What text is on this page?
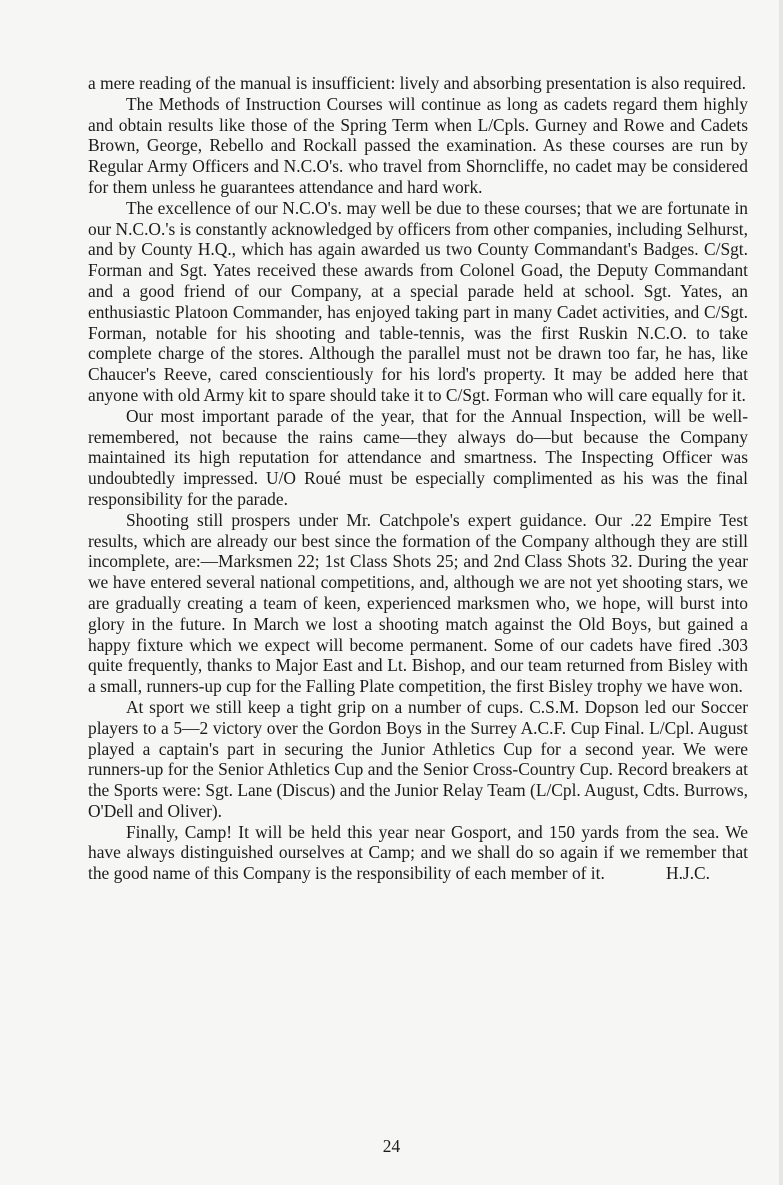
a mere reading of the manual is insufficient: lively and absorbing presentation is also required.

The Methods of Instruction Courses will continue as long as cadets regard them highly and obtain results like those of the Spring Term when L/Cpls. Gurney and Rowe and Cadets Brown, George, Rebello and Rockall passed the examination. As these courses are run by Regular Army Officers and N.C.O's. who travel from Shorncliffe, no cadet may be considered for them unless he guarantees attendance and hard work.

The excellence of our N.C.O's. may well be due to these courses; that we are fortunate in our N.C.O.'s is constantly acknowledged by officers from other companies, including Selhurst, and by County H.Q., which has again awarded us two County Commandant's Badges. C/Sgt. Forman and Sgt. Yates received these awards from Colonel Goad, the Deputy Commandant and a good friend of our Company, at a special parade held at school. Sgt. Yates, an enthusiastic Platoon Commander, has enjoyed taking part in many Cadet activities, and C/Sgt. Forman, notable for his shooting and table-tennis, was the first Ruskin N.C.O. to take complete charge of the stores. Although the parallel must not be drawn too far, he has, like Chaucer's Reeve, cared conscientiously for his lord's property. It may be added here that anyone with old Army kit to spare should take it to C/Sgt. Forman who will care equally for it.

Our most important parade of the year, that for the Annual Inspection, will be well-remembered, not because the rains came—they always do—but because the Company maintained its high reputation for attendance and smartness. The Inspecting Officer was undoubtedly impressed. U/O Roué must be especially complimented as his was the final responsibility for the parade.

Shooting still prospers under Mr. Catchpole's expert guidance. Our .22 Empire Test results, which are already our best since the formation of the Company although they are still incomplete, are:—Marksmen 22; 1st Class Shots 25; and 2nd Class Shots 32. During the year we have entered several national competitions, and, although we are not yet shooting stars, we are gradually creating a team of keen, experienced marksmen who, we hope, will burst into glory in the future. In March we lost a shooting match against the Old Boys, but gained a happy fixture which we expect will become permanent. Some of our cadets have fired .303 quite frequently, thanks to Major East and Lt. Bishop, and our team returned from Bisley with a small, runners-up cup for the Falling Plate competition, the first Bisley trophy we have won.

At sport we still keep a tight grip on a number of cups. C.S.M. Dopson led our Soccer players to a 5—2 victory over the Gordon Boys in the Surrey A.C.F. Cup Final. L/Cpl. August played a captain's part in securing the Junior Athletics Cup for a second year. We were runners-up for the Senior Athletics Cup and the Senior Cross-Country Cup. Record breakers at the Sports were: Sgt. Lane (Discus) and the Junior Relay Team (L/Cpl. August, Cdts. Burrows, O'Dell and Oliver).

Finally, Camp! It will be held this year near Gosport, and 150 yards from the sea. We have always distinguished ourselves at Camp; and we shall do so again if we remember that the good name of this Company is the responsibility of each member of it.	H.J.C.

24
